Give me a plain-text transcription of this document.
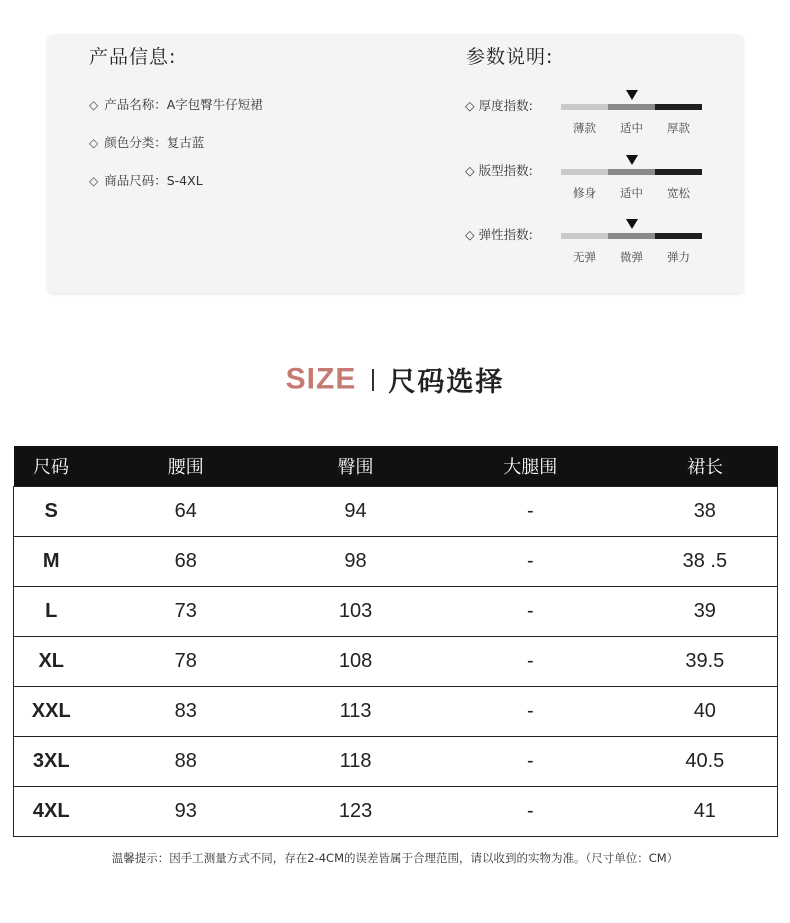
产品信息:
◇ 产品名称：A字包臀牛仔短裙
◇ 颜色分类：复古蓝
◇ 商品尺码：S-4XL
参数说明:
◇ 厚度指数:
薄款	适中	厚款
◇ 版型指数:
修身	适中	宽松
◇ 弹性指数:
无弹	微弹	弹力
SIZE 尺码选择
尺码	腰围	臀围	大腿围	裙长
S	64	94	-	38
M	68	98	-	38 .5
L	73	103	-	39
XL	78	108	-	39.5
XXL	83	113	-	40
3XL	88	118	-	40.5
4XL	93	123	-	41
温馨提示：因手工测量方式不同，存在2-4CM的误差皆属于合理范围，请以收到的实物为准。（尺寸单位：CM）
